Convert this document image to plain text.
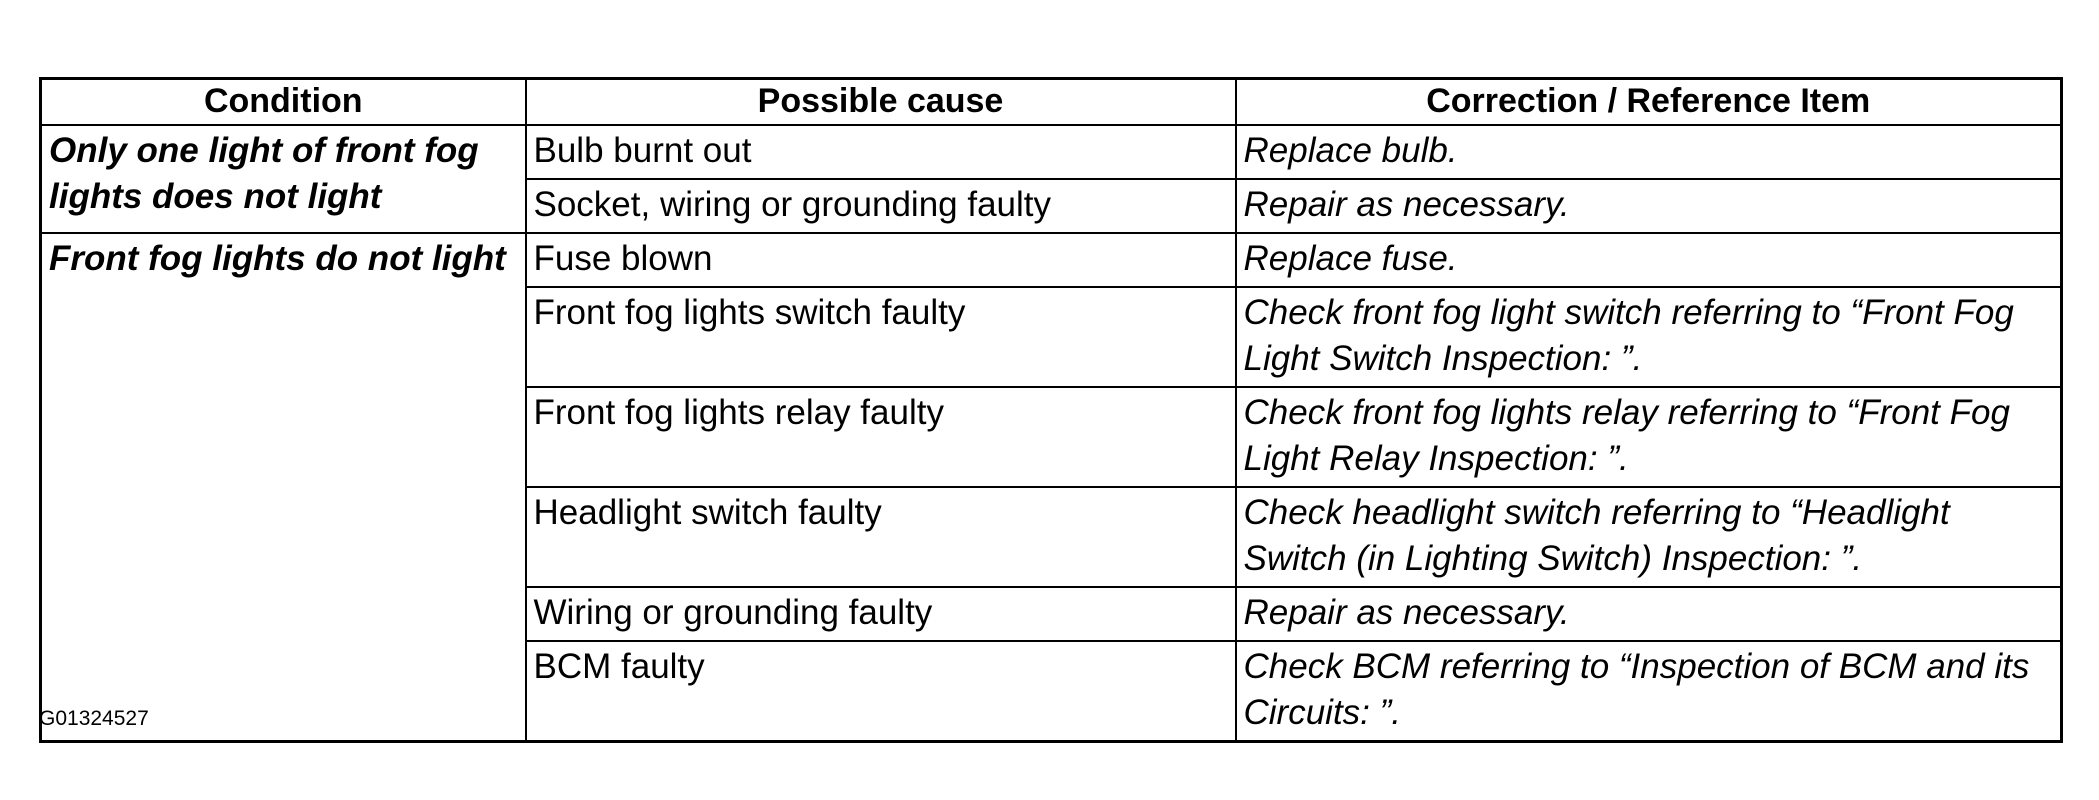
Condition	Possible cause	Correction / Reference Item
Only one light of front fog lights does not light	Bulb burnt out	Replace bulb.
	Socket, wiring or grounding faulty	Repair as necessary.
Front fog lights do not light	Fuse blown	Replace fuse.
	Front fog lights switch faulty	Check front fog light switch referring to “Front Fog Light Switch Inspection: ”.
	Front fog lights relay faulty	Check front fog lights relay referring to “Front Fog Light Relay Inspection: ”.
	Headlight switch faulty	Check headlight switch referring to “Headlight Switch (in Lighting Switch) Inspection: ”.
	Wiring or grounding faulty	Repair as necessary.
	BCM faulty	Check BCM referring to “Inspection of BCM and its Circuits: ”.
G01324527
